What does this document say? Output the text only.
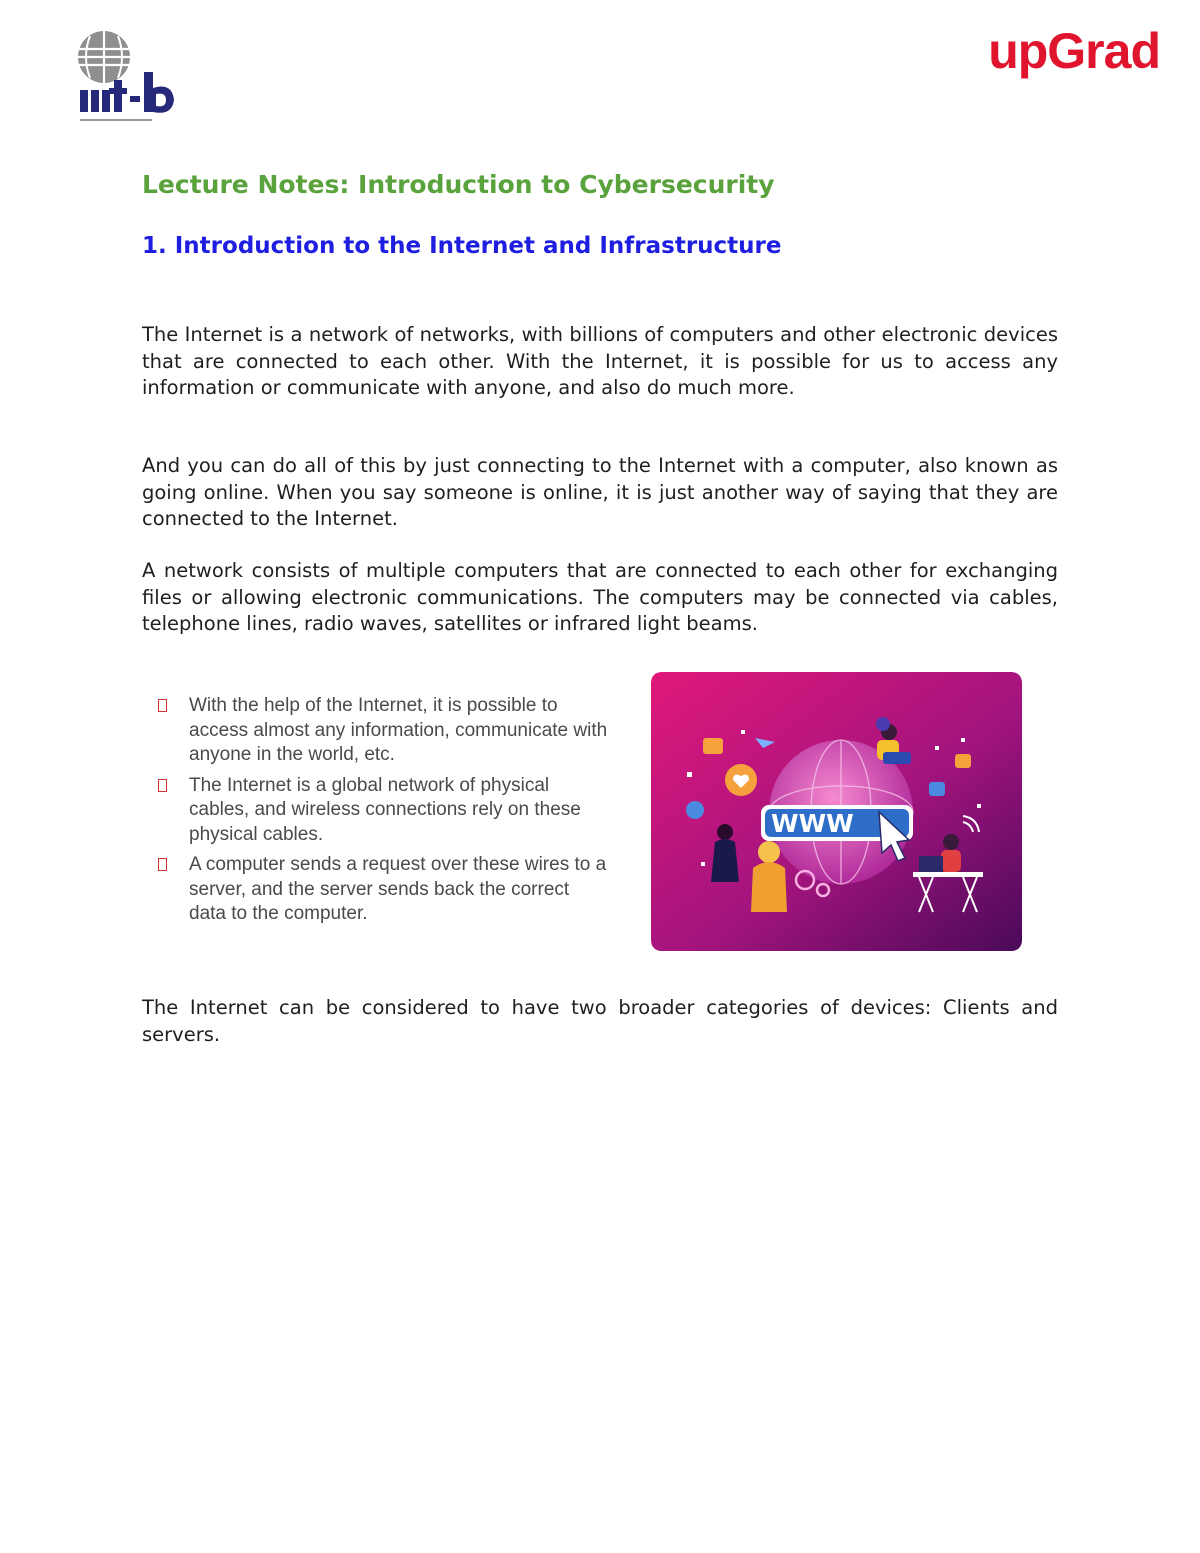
upGrad
Lecture Notes: Introduction to Cybersecurity
1. Introduction to the Internet and Infrastructure

The Internet is a network of networks, with billions of computers and other electronic devices that are connected to each other. With the Internet, it is possible for us to access any information or communicate with anyone, and also do much more.

And you can do all of this by just connecting to the Internet with a computer, also known as going online. When you say someone is online, it is just another way of saying that they are connected to the Internet.

A network consists of multiple computers that are connected to each other for exchanging files or allowing electronic communications. The computers may be connected via cables, telephone lines, radio waves, satellites or infrared light beams.

With the help of the Internet, it is possible to access almost any information, communicate with anyone in the world, etc.
The Internet is a global network of physical cables, and wireless connections rely on these physical cables.
A computer sends a request over these wires to a server, and the server sends back the correct data to the computer.
WWW

The Internet can be considered to have two broader categories of devices: Clients and servers.
